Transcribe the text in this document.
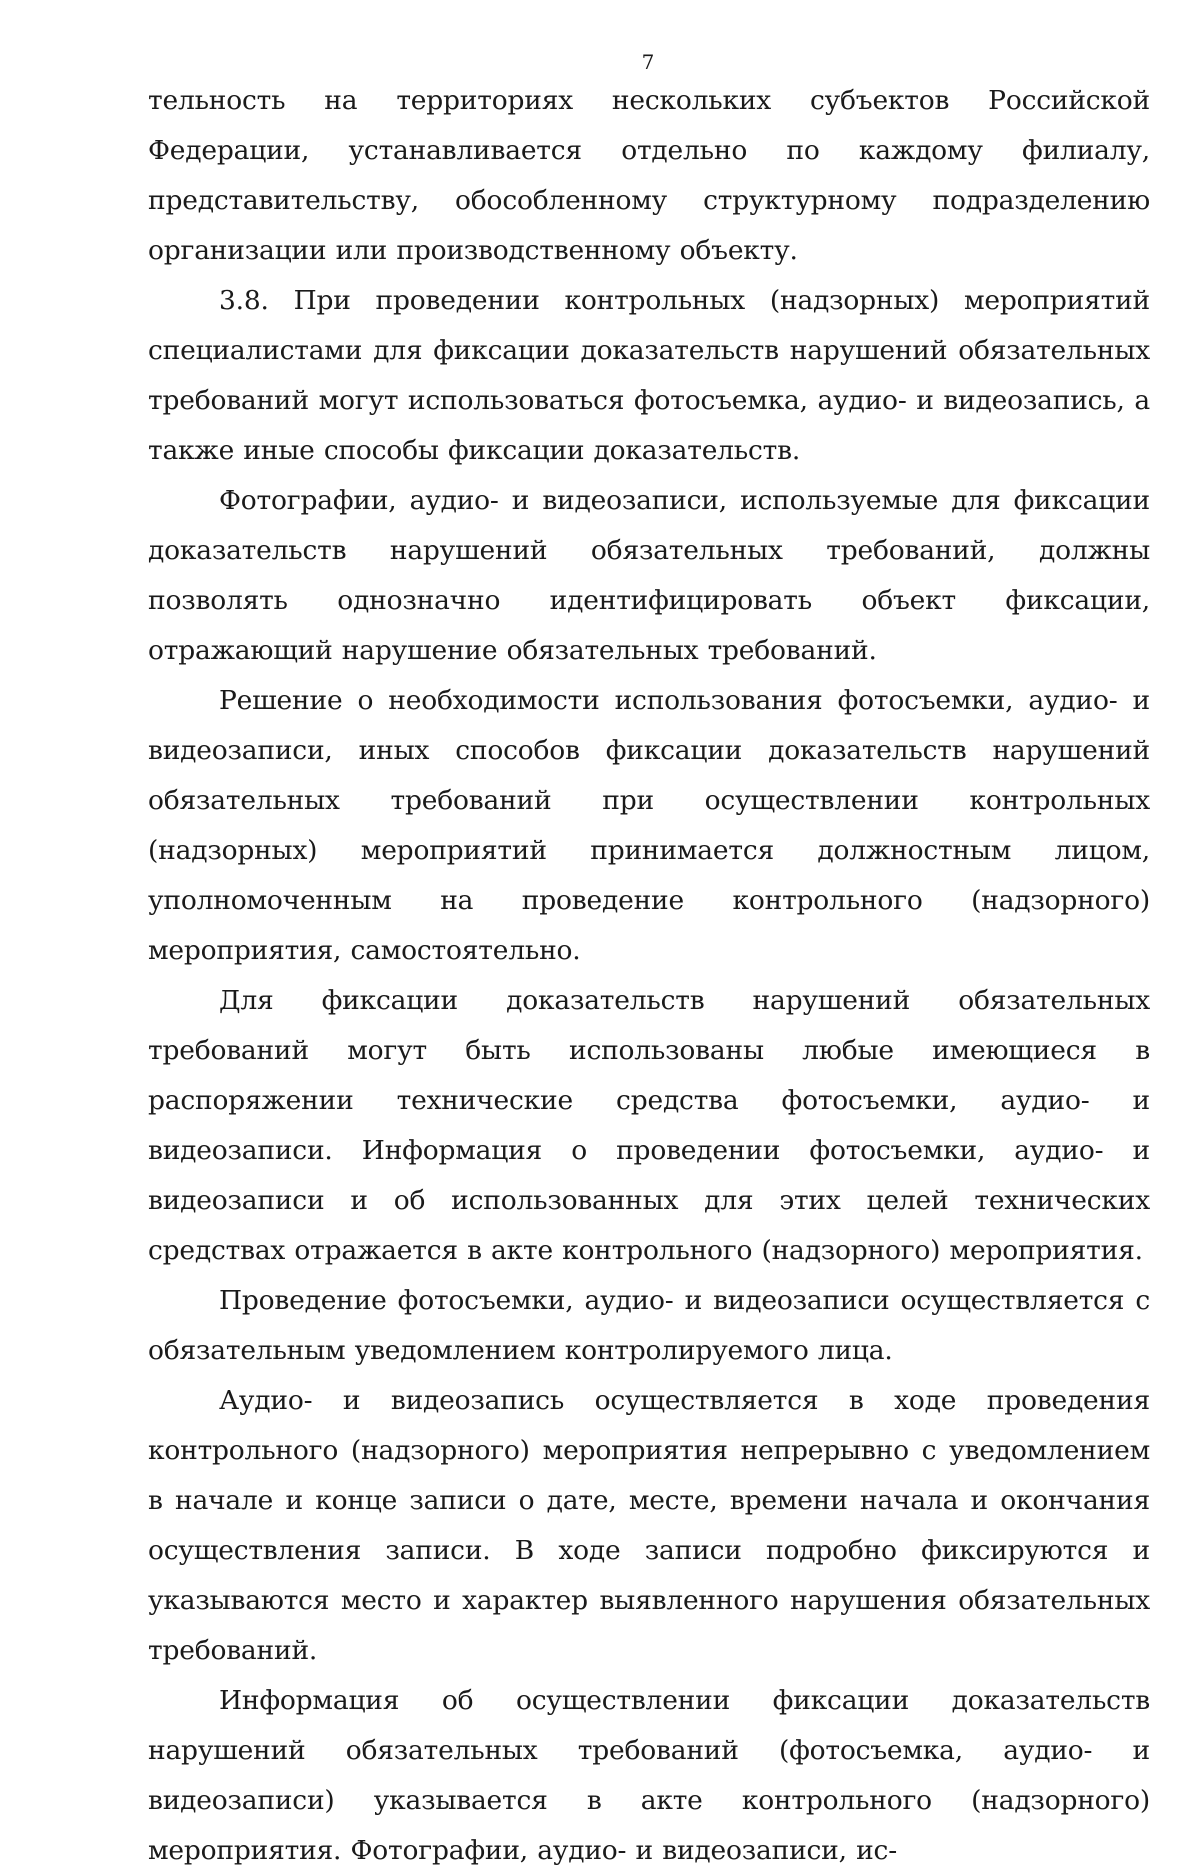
7

тельность на территориях нескольких субъектов Российской Федерации, устанавливается отдельно по каждому филиалу, представительству, обособленному структурному подразделению организации или производственному объекту.

3.8. При проведении контрольных (надзорных) мероприятий специалистами для фиксации доказательств нарушений обязательных требований могут использоваться фотосъемка, аудио- и видеозапись, а также иные способы фиксации доказательств.

Фотографии, аудио- и видеозаписи, используемые для фиксации доказательств нарушений обязательных требований, должны позволять однозначно идентифицировать объект фиксации, отражающий нарушение обязательных требований.

Решение о необходимости использования фотосъемки, аудио- и видеозаписи, иных способов фиксации доказательств нарушений обязательных требований при осуществлении контрольных (надзорных) мероприятий принимается должностным лицом, уполномоченным на проведение контрольного (надзорного) мероприятия, самостоятельно.

Для фиксации доказательств нарушений обязательных требований могут быть использованы любые имеющиеся в распоряжении технические средства фотосъемки, аудио- и видеозаписи. Информация о проведении фотосъемки, аудио- и видеозаписи и об использованных для этих целей технических средствах отражается в акте контрольного (надзорного) мероприятия.

Проведение фотосъемки, аудио- и видеозаписи осуществляется с обязательным уведомлением контролируемого лица.

Аудио- и видеозапись осуществляется в ходе проведения контрольного (надзорного) мероприятия непрерывно с уведомлением в начале и конце записи о дате, месте, времени начала и окончания осуществления записи. В ходе записи подробно фиксируются и указываются место и характер выявленного нарушения обязательных требований.

Информация об осуществлении фиксации доказательств нарушений обязательных требований (фотосъемка, аудио- и видеозаписи) указывается в акте контрольного (надзорного) мероприятия. Фотографии, аудио- и видеозаписи, ис-
